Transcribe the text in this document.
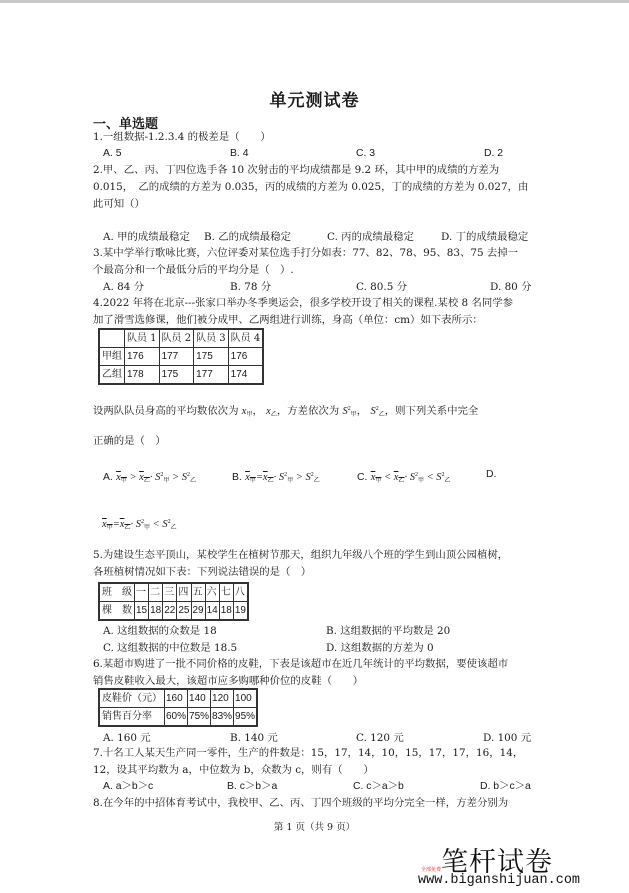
单元测试卷
一、单选题
1.一组数据-1.2.3.4 的极差是（　　）
A. 5	B. 4	C. 3	D. 2
2.甲、乙、丙、丁四位选手各 10 次射击的平均成绩都是 9.2 环，其中甲的成绩的方差为
0.015，　乙的成绩的方差为 0.035，丙的成绩的方差为 0.025，丁的成绩的方差为 0.027，由
此可知（）
A. 甲的成绩最稳定 B. 乙的成绩最稳定	C. 丙的成绩最稳定	D. 丁的成绩最稳定
3.某中学举行歌咏比赛，六位评委对某位选手打分如表：77、82、78、95、83、75 去掉一
个最高分和一个最低分后的平均分是（　）.
A. 84 分	B. 78 分	C. 80.5 分	D. 80 分
4.2022 年将在北京---张家口举办冬季奥运会，很多学校开设了相关的课程.某校 8 名同学参
加了滑雪选修课，他们被分成甲、乙两组进行训练，身高（单位：cm）如下表所示：
	队员 1	队员 2	队员 3	队员 4
甲组	176	177	175	176
乙组	178	175	177	174
设两队队员身高的平均数依次为 $x_甲$， $x_乙$，方差依次为 $S^2_甲$， $S^2_乙$，则下列关系中完全
正确的是（　）
A. $x_甲 > x_乙\cdot S^2_甲 > S^2_乙$	B. $x_甲=x_乙\cdot S^2_甲 > S^2_乙$	C. $x_甲 < x_乙\cdot S^2_甲 < S^2_乙$
D.
$x_甲=x_乙\cdot S^2_甲 < S^2_乙$
5.为建设生态平顶山，某校学生在植树节那天，组织九年级八个班的学生到山顶公园植树，
各班植树情况如下表：下列说法错误的是（　）
班　级	一	二	三	四	五	六	七	八
棵　数	15	18	22	25	29	14	18	19
A. 这组数据的众数是 18	B. 这组数据的平均数是 20
C. 这组数据的中位数是 18.5	D. 这组数据的方差为 0
6.某超市购进了一批不同价格的皮鞋，下表是该超市在近几年统计的平均数据，要使该超市
销售皮鞋收入最大，该超市应多购哪种价位的皮鞋（　　）
皮鞋价（元）	160	140	120	100
销售百分率	60%	75%	83%	95%
A. 160 元	B. 140 元	C. 120 元	D. 100 元
7.十名工人某天生产同一零件，生产的件数是：15，17，14，10，15，17，17，16，14，
12，设其平均数为 a，中位数为 b，众数为 c，则有（　　）
A. a＞b＞c	B. c＞b＞a	C. c＞a＞b	D. b＞c＞a
8.在今年的中招体育考试中，我校甲、乙、丙、丁四个班级的平均分完全一样，方差分别为
第 1 页（共 9 页）
笔杆试卷
全部免费
www.biganshijuan.com
